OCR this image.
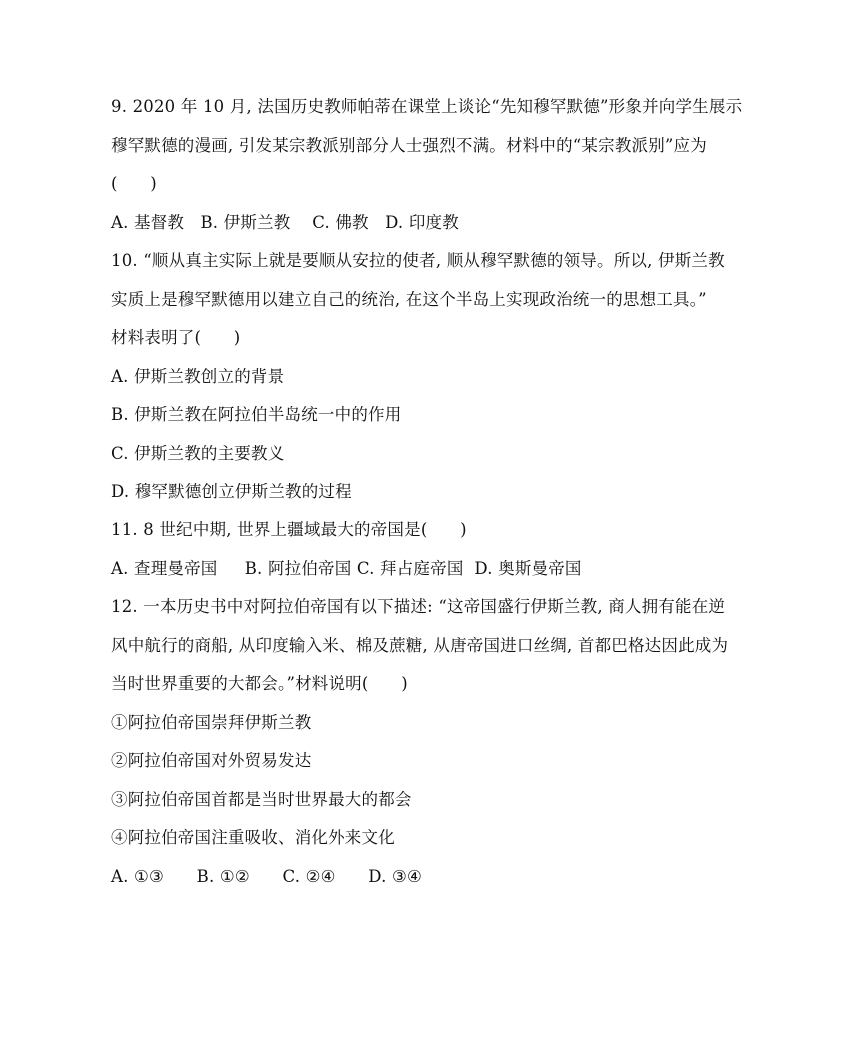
9. 2020 年 10 月, 法国历史教师帕蒂在课堂上谈论“先知穆罕默德”形象并向学生展示
穆罕默德的漫画, 引发某宗教派别部分人士强烈不满。材料中的“某宗教派别”应为
(      )
A. 基督教   B. 伊斯兰教    C. 佛教   D. 印度教
10. “顺从真主实际上就是要顺从安拉的使者, 顺从穆罕默德的领导。所以, 伊斯兰教
实质上是穆罕默德用以建立自己的统治, 在这个半岛上实现政治统一的思想工具。”
材料表明了(      )
A. 伊斯兰教创立的背景
B. 伊斯兰教在阿拉伯半岛统一中的作用
C. 伊斯兰教的主要教义
D. 穆罕默德创立伊斯兰教的过程
11. 8 世纪中期, 世界上疆域最大的帝国是(      )
A. 查理曼帝国     B. 阿拉伯帝国 C. 拜占庭帝国  D. 奥斯曼帝国
12. 一本历史书中对阿拉伯帝国有以下描述: “这帝国盛行伊斯兰教, 商人拥有能在逆
风中航行的商船, 从印度输入米、棉及蔗糖, 从唐帝国进口丝绸, 首都巴格达因此成为
当时世界重要的大都会。”材料说明(      )
①阿拉伯帝国崇拜伊斯兰教
②阿拉伯帝国对外贸易发达
③阿拉伯帝国首都是当时世界最大的都会
④阿拉伯帝国注重吸收、消化外来文化
A. ①③      B. ①②      C. ②④      D. ③④
